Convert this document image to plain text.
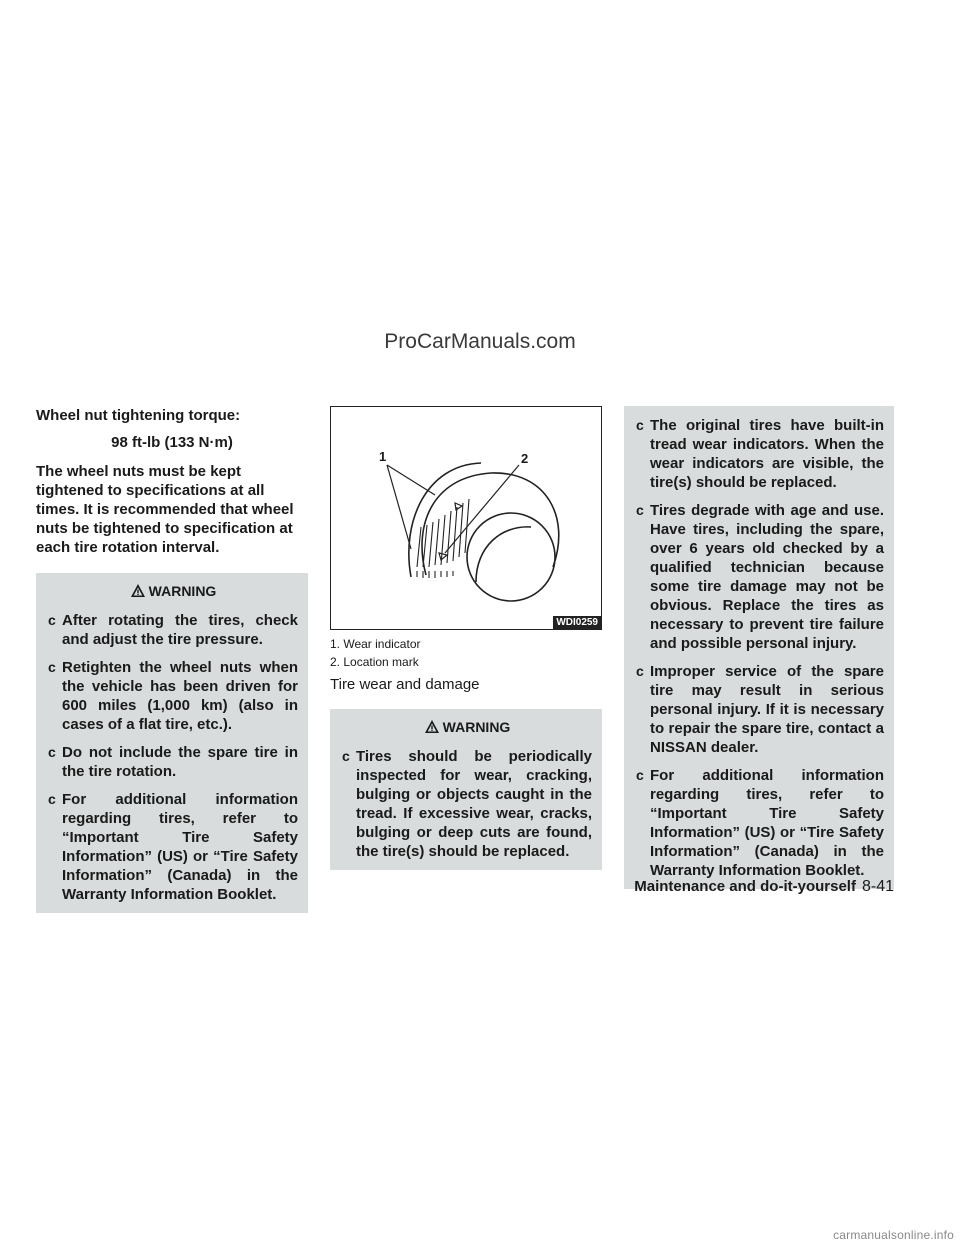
ProCarManuals.com

Wheel nut tightening torque:

98 ft-lb (133 N·m)

The wheel nuts must be kept tightened to specifications at all times. It is recommended that wheel nuts be tightened to specification at each tire rotation interval.

WARNING
c After rotating the tires, check and adjust the tire pressure.
c Retighten the wheel nuts when the vehicle has been driven for 600 miles (1,000 km) (also in cases of a flat tire, etc.).
c Do not include the spare tire in the tire rotation.
c For additional information regarding tires, refer to “Important Tire Safety Information” (US) or “Tire Safety Information” (Canada) in the Warranty Information Booklet.
1	2
WDI0259

1. Wear indicator

2. Location mark

Tire wear and damage

WARNING
c Tires should be periodically inspected for wear, cracking, bulging or objects caught in the tread. If excessive wear, cracks, bulging or deep cuts are found, the tire(s) should be replaced.
c The original tires have built-in tread wear indicators. When the wear indicators are visible, the tire(s) should be replaced.
c Tires degrade with age and use. Have tires, including the spare, over 6 years old checked by a qualified technician because some tire damage may not be obvious. Replace the tires as necessary to prevent tire failure and possible personal injury.
c Improper service of the spare tire may result in serious personal injury. If it is necessary to repair the spare tire, contact a NISSAN dealer.
c For additional information regarding tires, refer to “Important Tire Safety Information” (US) or “Tire Safety Information” (Canada) in the Warranty Information Booklet.
Maintenance and do-it-yourself 8-41
carmanualsonline.info
